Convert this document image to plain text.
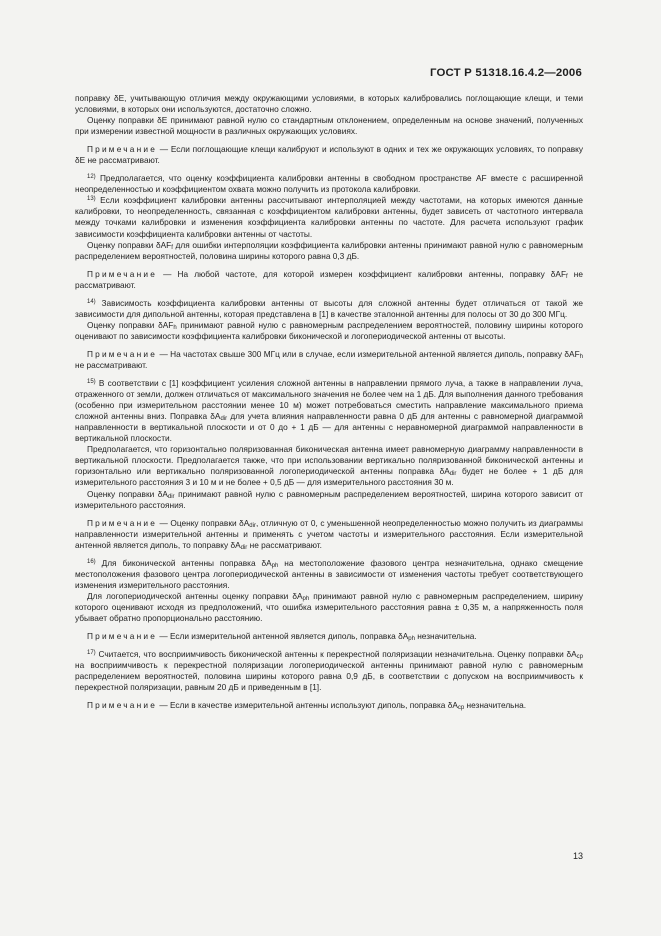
ГОСТ Р 51318.16.4.2—2006

поправку δE, учитывающую отличия между окружающими условиями, в которых калибровались поглощающие клещи, и теми условиями, в которых они используются, достаточно сложно.

Оценку поправки δE принимают равной нулю со стандартным отклонением, определенным на основе значений, полученных при измерении известной мощности в различных окружающих условиях.

Примечание — Если поглощающие клещи калибруют и используют в одних и тех же окружающих условиях, то поправку δE не рассматривают.

$^{12)}$ Предполагается, что оценку коэффициента калибровки антенны в свободном пространстве AF вместе с расширенной неопределенностью и коэффициентом охвата можно получить из протокола калибровки.

$^{13)}$ Если коэффициент калибровки антенны рассчитывают интерполяцией между частотами, на которых имеются данные калибровки, то неопределенность, связанная с коэффициентом калибровки антенны, будет зависеть от частотного интервала между точками калибровки и изменения коэффициента калибровки антенны по частоте. Для расчета используют график зависимости коэффициента калибровки антенны от частоты.

Оценку поправки δAF$_f$ для ошибки интерполяции коэффициента калибровки антенны принимают равной нулю с равномерным распределением вероятностей, половина ширины которого равна 0,3 дБ.

Примечание — На любой частоте, для которой измерен коэффициент калибровки антенны, поправку δAF$_f$ не рассматривают.

$^{14)}$ Зависимость коэффициента калибровки антенны от высоты для сложной антенны будет отличаться от такой же зависимости для дипольной антенны, которая представлена в [1] в качестве эталонной антенны для полосы от 30 до 300 МГц.

Оценку поправки δAF$_h$ принимают равной нулю с равномерным распределением вероятностей, половину ширины которого оценивают по зависимости коэффициента калибровки биконической и логопериодической антенны от высоты.

Примечание — На частотах свыше 300 МГц или в случае, если измерительной антенной является диполь, поправку δAF$_h$ не рассматривают.

$^{15)}$ В соответствии с [1] коэффициент усиления сложной антенны в направлении прямого луча, а также в направлении луча, отраженного от земли, должен отличаться от максимального значения не более чем на 1 дБ. Для выполнения данного требования (особенно при измерительном расстоянии менее 10 м) может потребоваться сместить направление максимального приема сложной антенны вниз. Поправка $\delta A_{dir}$ для учета влияния направленности равна 0 дБ для антенны с равномерной диаграммой направленности в вертикальной плоскости и от 0 до + 1 дБ — для антенны с неравномерной диаграммой направленности в вертикальной плоскости.

Предполагается, что горизонтально поляризованная биконическая антенна имеет равномерную диаграмму направленности в вертикальной плоскости. Предполагается также, что при использовании вертикально поляризованной биконической антенны и горизонтально или вертикально поляризованной логопериодической антенны поправка $\delta A_{dir}$ будет не более + 1 дБ для измерительного расстояния 3 и 10 м и не более + 0,5 дБ — для измерительного расстояния 30 м.

Оценку поправки $\delta A_{dir}$ принимают равной нулю с равномерным распределением вероятностей, ширина которого зависит от измерительного расстояния.

Примечание — Оценку поправки $\delta A_{dir}$, отличную от 0, с уменьшенной неопределенностью можно получить из диаграммы направленности измерительной антенны и применять с учетом частоты и измерительного расстояния. Если измерительной антенной является диполь, то поправку $\delta A_{dir}$ не рассматривают.

$^{16)}$ Для биконической антенны поправка $\delta A_{ph}$ на местоположение фазового центра незначительна, однако смещение местоположения фазового центра логопериодической антенны в зависимости от изменения частоты требует соответствующего изменения измерительного расстояния.

Для логопериодической антенны оценку поправки $\delta A_{ph}$ принимают равной нулю с равномерным распределением, ширину которого оценивают исходя из предположений, что ошибка измерительного расстояния равна ± 0,35 м, а напряженность поля убывает обратно пропорционально расстоянию.

Примечание — Если измерительной антенной является диполь, поправка $\delta A_{ph}$ незначительна.

$^{17)}$ Считается, что восприимчивость биконической антенны к перекрестной поляризации незначительна. Оценку поправки $\delta A_{cp}$ на восприимчивость к перекрестной поляризации логопериодической антенны принимают равной нулю с равномерным распределением вероятностей, половина ширины которого равна 0,9 дБ, в соответствии с допуском на восприимчивость к перекрестной поляризации, равным 20 дБ и приведенным в [1].

Примечание — Если в качестве измерительной антенны используют диполь, поправка $\delta A_{cp}$ незначительна.

13
